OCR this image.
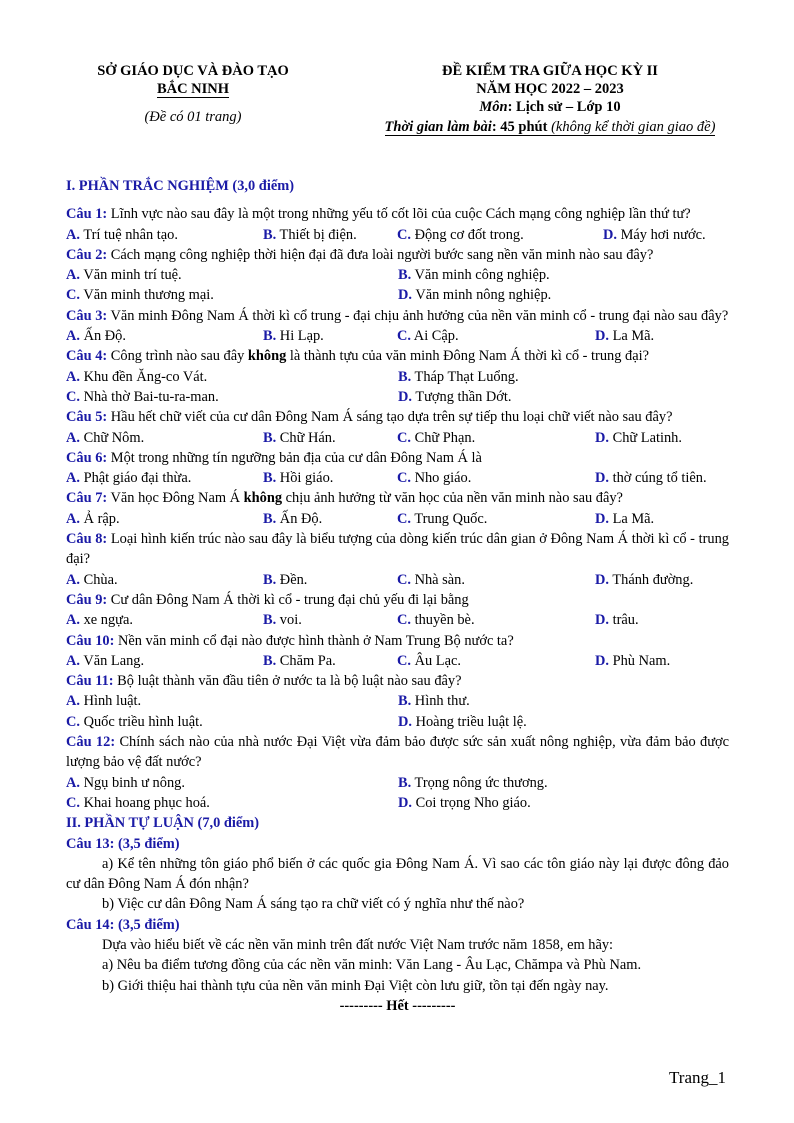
SỞ GIÁO DỤC VÀ ĐÀO TẠO
BẮC NINH
(Đề có 01 trang)
ĐỀ KIỂM TRA GIỮA HỌC KỲ II
NĂM HỌC 2022 – 2023
Môn: Lịch sử – Lớp 10
Thời gian làm bài: 45 phút (không kể thời gian giao đề)
I. PHẦN TRẮC NGHIỆM (3,0 điểm)
Câu 1: Lĩnh vực nào sau đây là một trong những yếu tố cốt lõi của cuộc Cách mạng công nghiệp lần thứ tư?
A. Trí tuệ nhân tạo.	B. Thiết bị điện.	C. Động cơ đốt trong.	D. Máy hơi nước.
Câu 2: Cách mạng công nghiệp thời hiện đại đã đưa loài người bước sang nền văn minh nào sau đây?
A. Văn minh trí tuệ.	B. Văn minh công nghiệp.
C. Văn minh thương mại.	D. Văn minh nông nghiệp.
Câu 3: Văn minh Đông Nam Á thời kì cổ trung - đại chịu ảnh hưởng của nền văn minh cổ - trung đại nào sau đây?
A. Ấn Độ.	B. Hi Lạp.	C. Ai Cập.	D. La Mã.
Câu 4: Công trình nào sau đây không là thành tựu của văn minh Đông Nam Á thời kì cổ - trung đại?
A. Khu đền Ăng-co Vát.	B. Tháp Thạt Luổng.
C. Nhà thờ Bai-tu-ra-man.	D. Tượng thần Dớt.
Câu 5: Hầu hết chữ viết của cư dân Đông Nam Á sáng tạo dựa trên sự tiếp thu loại chữ viết nào sau đây?
A. Chữ Nôm.	B. Chữ Hán.	C. Chữ Phạn.	D. Chữ Latinh.
Câu 6: Một trong những tín ngưỡng bản địa của cư dân Đông Nam Á là
A. Phật giáo đại thừa.	B. Hồi giáo.	C. Nho giáo.	D. thờ cúng tổ tiên.
Câu 7: Văn học Đông Nam Á không chịu ảnh hưởng từ văn học của nền văn minh nào sau đây?
A. Ả rập.	B. Ấn Độ.	C. Trung Quốc.	D. La Mã.
Câu 8: Loại hình kiến trúc nào sau đây là biểu tượng của dòng kiến trúc dân gian ở Đông Nam Á thời kì cổ - trung đại?
A. Chùa.	B. Đền.	C. Nhà sàn.	D. Thánh đường.
Câu 9: Cư dân Đông Nam Á thời kì cổ - trung đại chủ yếu đi lại bằng
A. xe ngựa.	B. voi.	C. thuyền bè.	D. trâu.
Câu 10: Nền văn minh cổ đại nào được hình thành ở Nam Trung Bộ nước ta?
A. Văn Lang.	B. Chăm Pa.	C. Âu Lạc.	D. Phù Nam.
Câu 11: Bộ luật thành văn đầu tiên ở nước ta là bộ luật nào sau đây?
A. Hình luật.	B. Hình thư.
C. Quốc triều hình luật.	D. Hoàng triều luật lệ.
Câu 12: Chính sách nào của nhà nước Đại Việt vừa đảm bảo được sức sản xuất nông nghiệp, vừa đảm bảo được lượng bảo vệ đất nước?
A. Ngụ binh ư nông.	B. Trọng nông ức thương.
C. Khai hoang phục hoá.	D. Coi trọng Nho giáo.
II. PHẦN TỰ LUẬN (7,0 điểm)
Câu 13: (3,5 điểm)
a) Kể tên những tôn giáo phổ biến ở các quốc gia Đông Nam Á. Vì sao các tôn giáo này lại được đông đảo cư dân Đông Nam Á đón nhận?
b) Việc cư dân Đông Nam Á sáng tạo ra chữ viết có ý nghĩa như thế nào?
Câu 14: (3,5 điểm)
Dựa vào hiểu biết về các nền văn minh trên đất nước Việt Nam trước năm 1858, em hãy:
a) Nêu ba điểm tương đồng của các nền văn minh: Văn Lang - Âu Lạc, Chămpa và Phù Nam.
b) Giới thiệu hai thành tựu của nền văn minh Đại Việt còn lưu giữ, tồn tại đến ngày nay.
--------- Hết ---------
Trang_1
